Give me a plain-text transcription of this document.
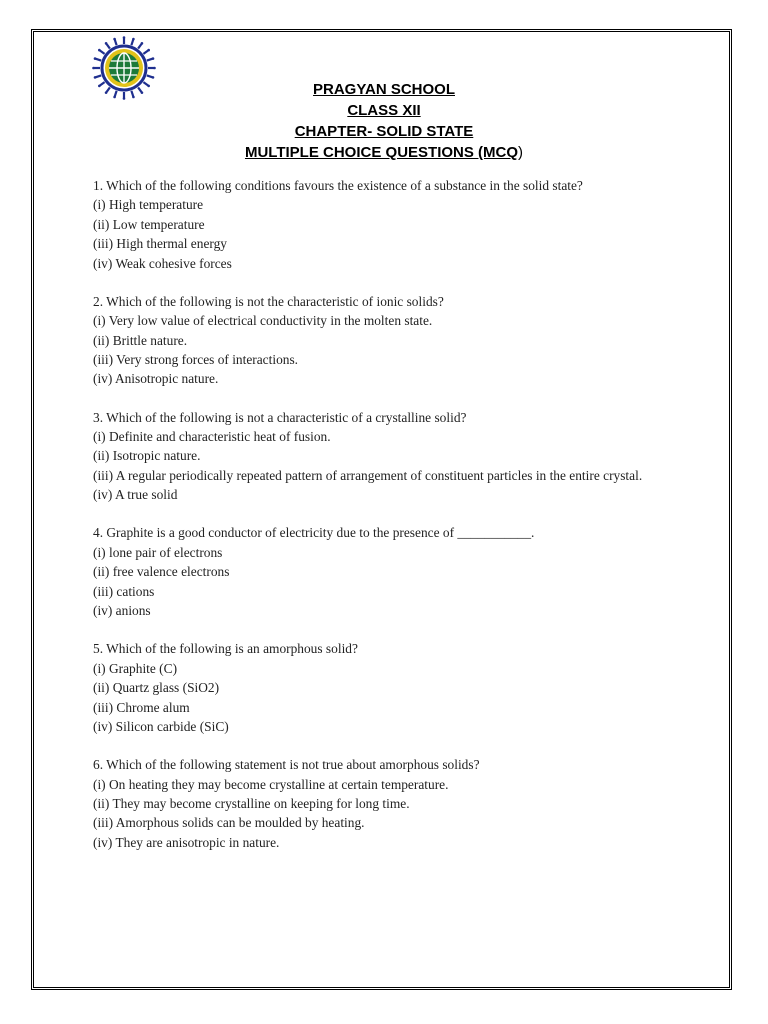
PRAGYAN SCHOOL
CLASS XII
CHAPTER- SOLID STATE
MULTIPLE CHOICE QUESTIONS (MCQ)
1. Which of the following conditions favours the existence of a substance in the solid state?
(i) High temperature
(ii) Low temperature
(iii) High thermal energy
(iv) Weak cohesive forces
2. Which of the following is not the characteristic of ionic solids?
(i) Very low value of electrical conductivity in the molten state.
(ii) Brittle nature.
(iii) Very strong forces of interactions.
(iv) Anisotropic nature.
3. Which of the following is not a characteristic of a crystalline solid?
(i) Definite and characteristic heat of fusion.
(ii) Isotropic nature.
(iii) A regular periodically repeated pattern of arrangement of constituent particles in the entire crystal.
(iv) A true solid
4. Graphite is a good conductor of electricity due to the presence of ___________.
(i) lone pair of electrons
(ii) free valence electrons
(iii) cations
(iv) anions
5. Which of the following is an amorphous solid?
(i) Graphite (C)
(ii) Quartz glass (SiO2)
(iii) Chrome alum
(iv) Silicon carbide (SiC)
6. Which of the following statement is not true about amorphous solids?
(i) On heating they may become crystalline at certain temperature.
(ii) They may become crystalline on keeping for long time.
(iii) Amorphous solids can be moulded by heating.
(iv) They are anisotropic in nature.
